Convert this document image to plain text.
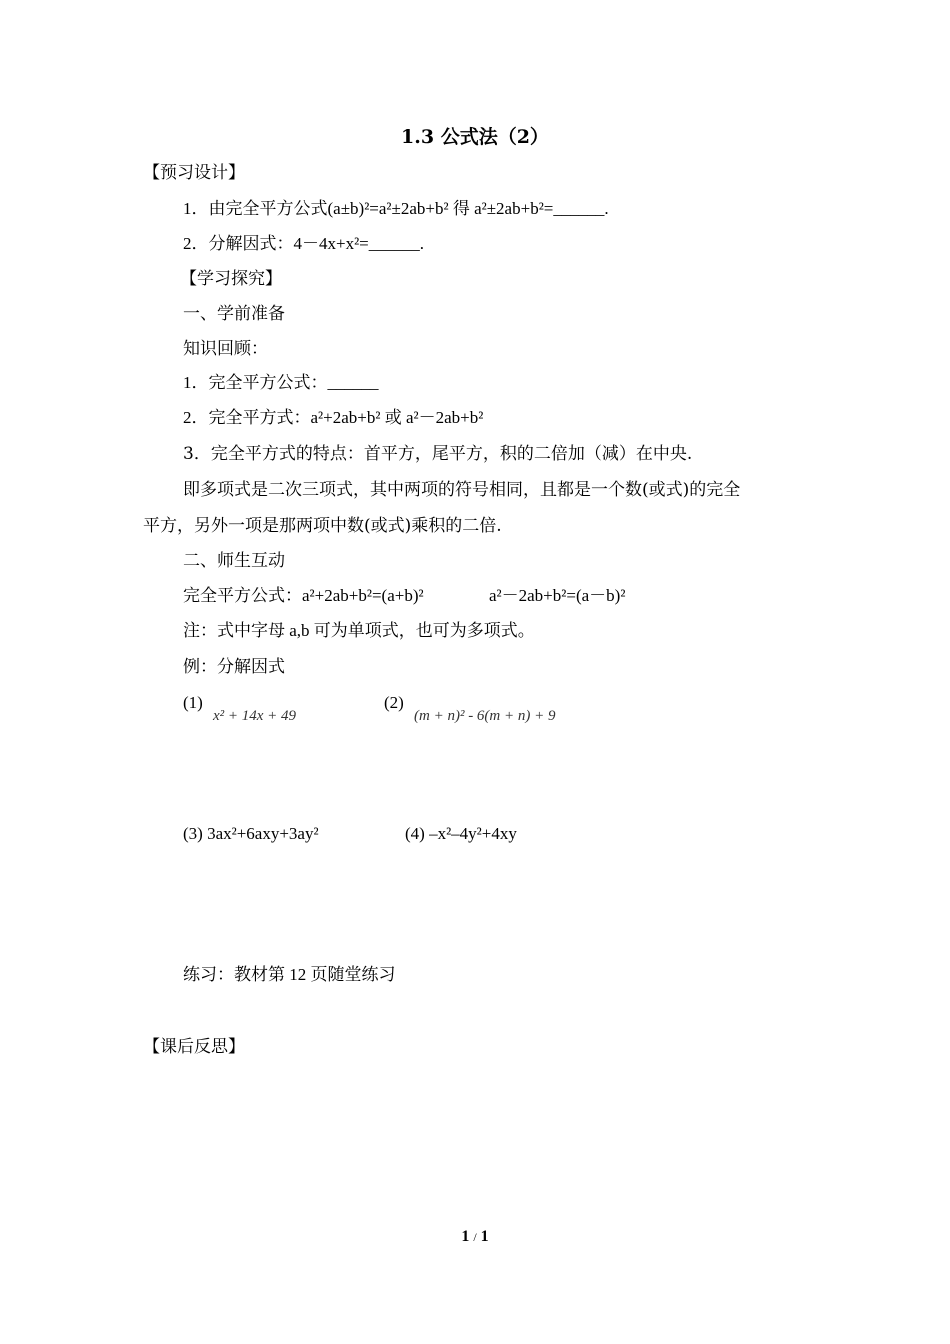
1.3 公式法（2）
【预习设计】
1．由完全平方公式(a±b)²=a²±2ab+b² 得 a²±2ab+b²=______.
2．分解因式：4－4x+x²=______.
【学习探究】
一、学前准备
知识回顾：
1．完全平方公式：______
2．完全平方式：a²+2ab+b² 或 a²－2ab+b²
3．完全平方式的特点：首平方，尾平方，积的二倍加（减）在中央.
即多项式是二次三项式，其中两项的符号相同，且都是一个数(或式)的完全
平方，另外一项是那两项中数(或式)乘积的二倍.
二、师生互动
完全平方公式：a²+2ab+b²=(a+b)²	a²－2ab+b²=(a－b)²
注：式中字母 a,b 可为单项式，也可为多项式。
例：分解因式
(1)
x² + 14x + 49
(2)
(m + n)² - 6(m + n) + 9
(3) 3ax²+6axy+3ay²	(4) –x²–4y²+4xy
练习：教材第 12 页随堂练习
【课后反思】
1 / 1
